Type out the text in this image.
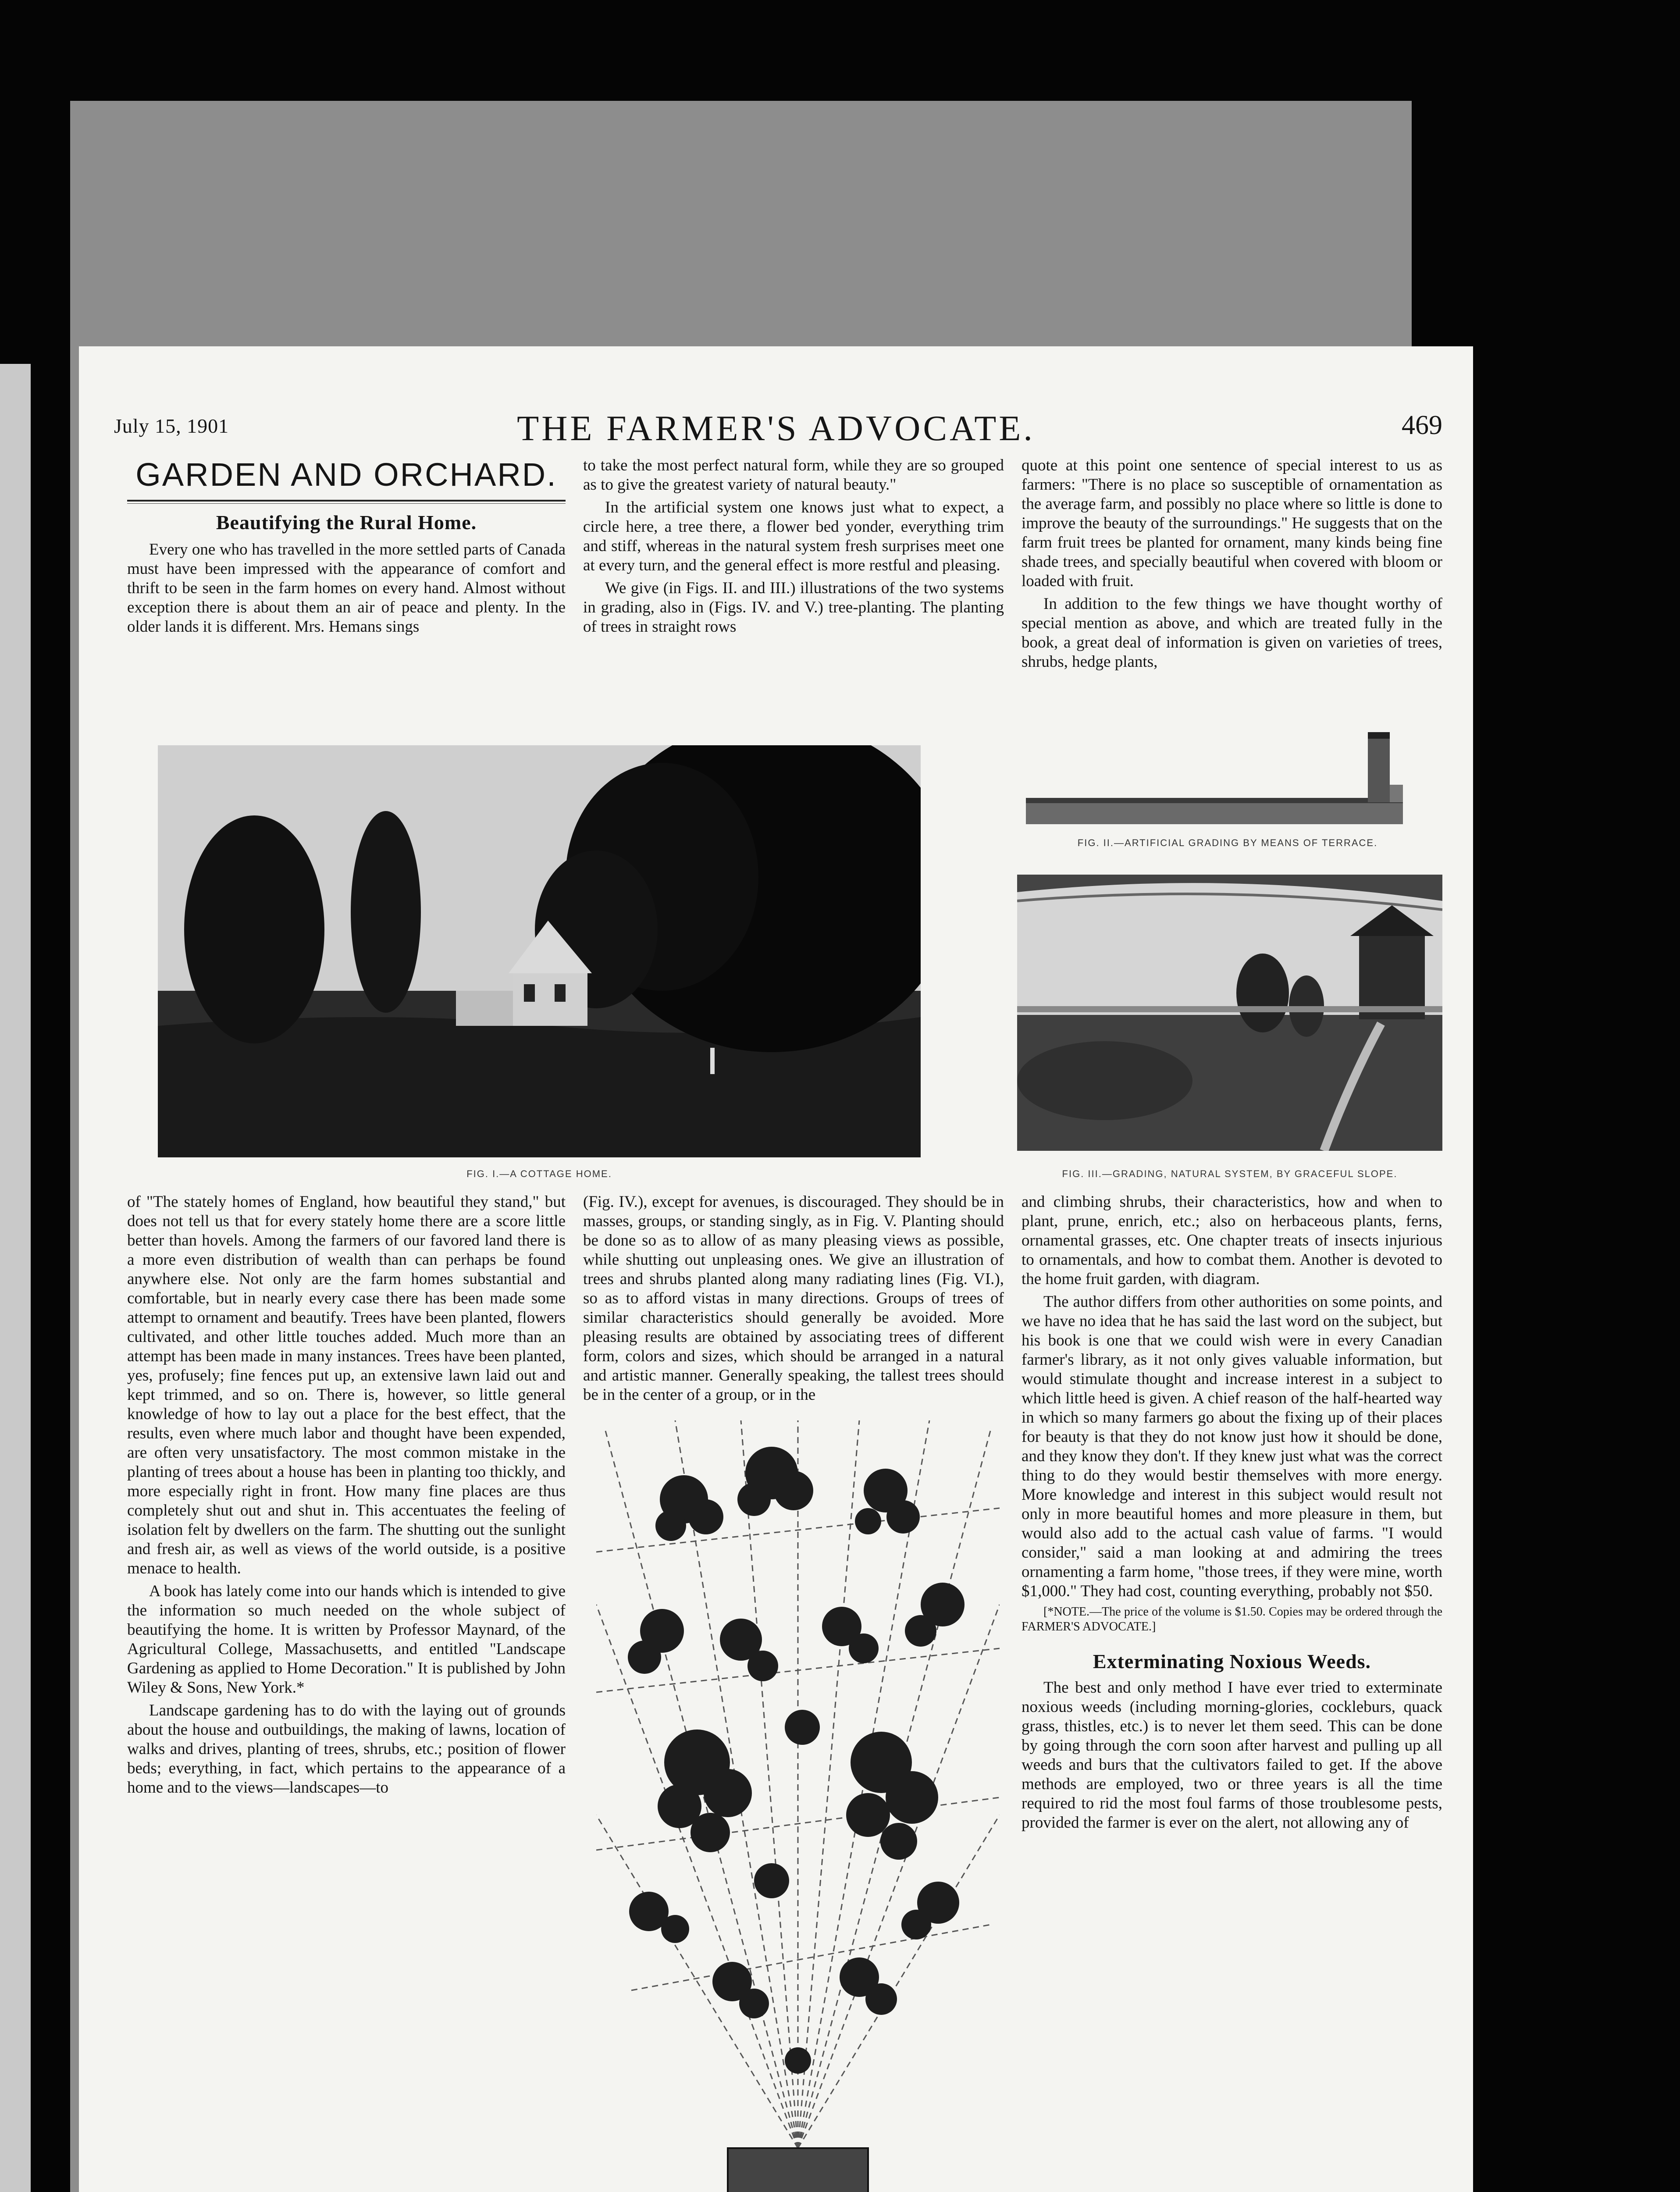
July 15, 1901	THE FARMER'S ADVOCATE.	469
GARDEN AND ORCHARD.
Beautifying the Rural Home.

Every one who has travelled in the more settled parts of Canada must have been impressed with the appearance of comfort and thrift to be seen in the farm homes on every hand. Almost without exception there is about them an air of peace and plenty. In the older lands it is different. Mrs. Hemans sings

to take the most perfect natural form, while they are so grouped as to give the greatest variety of natural beauty."

In the artificial system one knows just what to expect, a circle here, a tree there, a flower bed yonder, everything trim and stiff, whereas in the natural system fresh surprises meet one at every turn, and the general effect is more restful and pleasing.

We give (in Figs. II. and III.) illustrations of the two systems in grading, also in (Figs. IV. and V.) tree-planting. The planting of trees in straight rows

quote at this point one sentence of special interest to us as farmers: "There is no place so susceptible of ornamentation as the average farm, and possibly no place where so little is done to improve the beauty of the surroundings." He suggests that on the farm fruit trees be planted for ornament, many kinds being fine shade trees, and specially beautiful when covered with bloom or loaded with fruit.

In addition to the few things we have thought worthy of special mention as above, and which are treated fully in the book, a great deal of information is given on varieties of trees, shrubs, hedge plants,

FIG. I.—A COTTAGE HOME.
FIG. II.—ARTIFICIAL GRADING BY MEANS OF TERRACE.
FIG. III.—GRADING, NATURAL SYSTEM, BY GRACEFUL SLOPE.

of "The stately homes of England, how beautiful they stand," but does not tell us that for every stately home there are a score little better than hovels. Among the farmers of our favored land there is a more even distribution of wealth than can perhaps be found anywhere else. Not only are the farm homes substantial and comfortable, but in nearly every case there has been made some attempt to ornament and beautify. Trees have been planted, flowers cultivated, and other little touches added. Much more than an attempt has been made in many instances. Trees have been planted, yes, profusely; fine fences put up, an extensive lawn laid out and kept trimmed, and so on. There is, however, so little general knowledge of how to lay out a place for the best effect, that the results, even where much labor and thought have been expended, are often very unsatisfactory. The most common mistake in the planting of trees about a house has been in planting too thickly, and more especially right in front. How many fine places are thus completely shut out and shut in. This accentuates the feeling of isolation felt by dwellers on the farm. The shutting out the sunlight and fresh air, as well as views of the world outside, is a positive menace to health.

A book has lately come into our hands which is intended to give the information so much needed on the whole subject of beautifying the home. It is written by Professor Maynard, of the Agricultural College, Massachusetts, and entitled "Landscape Gardening as applied to Home Decoration." It is published by John Wiley & Sons, New York.*

Landscape gardening has to do with the laying out of grounds about the house and outbuildings, the making of lawns, location of walks and drives, planting of trees, shrubs, etc.; position of flower beds; everything, in fact, which pertains to the appearance of a home and to the views—landscapes—to

(Fig. IV.), except for avenues, is discouraged. They should be in masses, groups, or standing singly, as in Fig. V. Planting should be done so as to allow of as many pleasing views as possible, while shutting out unpleasing ones. We give an illustration of trees and shrubs planted along many radiating lines (Fig. VI.), so as to afford vistas in many directions. Groups of trees of similar characteristics should generally be avoided. More pleasing results are obtained by associating trees of different form, colors and sizes, which should be arranged in a natural and artistic manner. Generally speaking, the tallest trees should be in the center of a group, or in the

and climbing shrubs, their characteristics, how and when to plant, prune, enrich, etc.; also on herbaceous plants, ferns, ornamental grasses, etc. One chapter treats of insects injurious to ornamentals, and how to combat them. Another is devoted to the home fruit garden, with diagram.

The author differs from other authorities on some points, and we have no idea that he has said the last word on the subject, but his book is one that we could wish were in every Canadian farmer's library, as it not only gives valuable information, but would stimulate thought and increase interest in a subject to which little heed is given. A chief reason of the half-hearted way in which so many farmers go about the fixing up of their places for beauty is that they do not know just how it should be done, and they know they don't. If they knew just what was the correct thing to do they would bestir themselves with more energy. More knowledge and interest in this subject would result not only in more beautiful homes and more pleasure in them, but would also add to the actual cash value of farms. "I would consider," said a man looking at and admiring the trees ornamenting a farm home, "those trees, if they were mine, worth $1,000." They had cost, counting everything, probably not $50.

[*NOTE.—The price of the volume is $1.50. Copies may be ordered through the FARMER'S ADVOCATE.]

Exterminating Noxious Weeds.

The best and only method I have ever tried to exterminate noxious weeds (including morning-glories, cockleburs, quack grass, thistles, etc.) is to never let them seed. This can be done by going through the corn soon after harvest and pulling up all weeds and burs that the cultivators failed to get. If the above methods are employed, two or three years is all the time required to rid the most foul farms of those troublesome pests, provided the farmer is ever on the alert, not allowing any of
